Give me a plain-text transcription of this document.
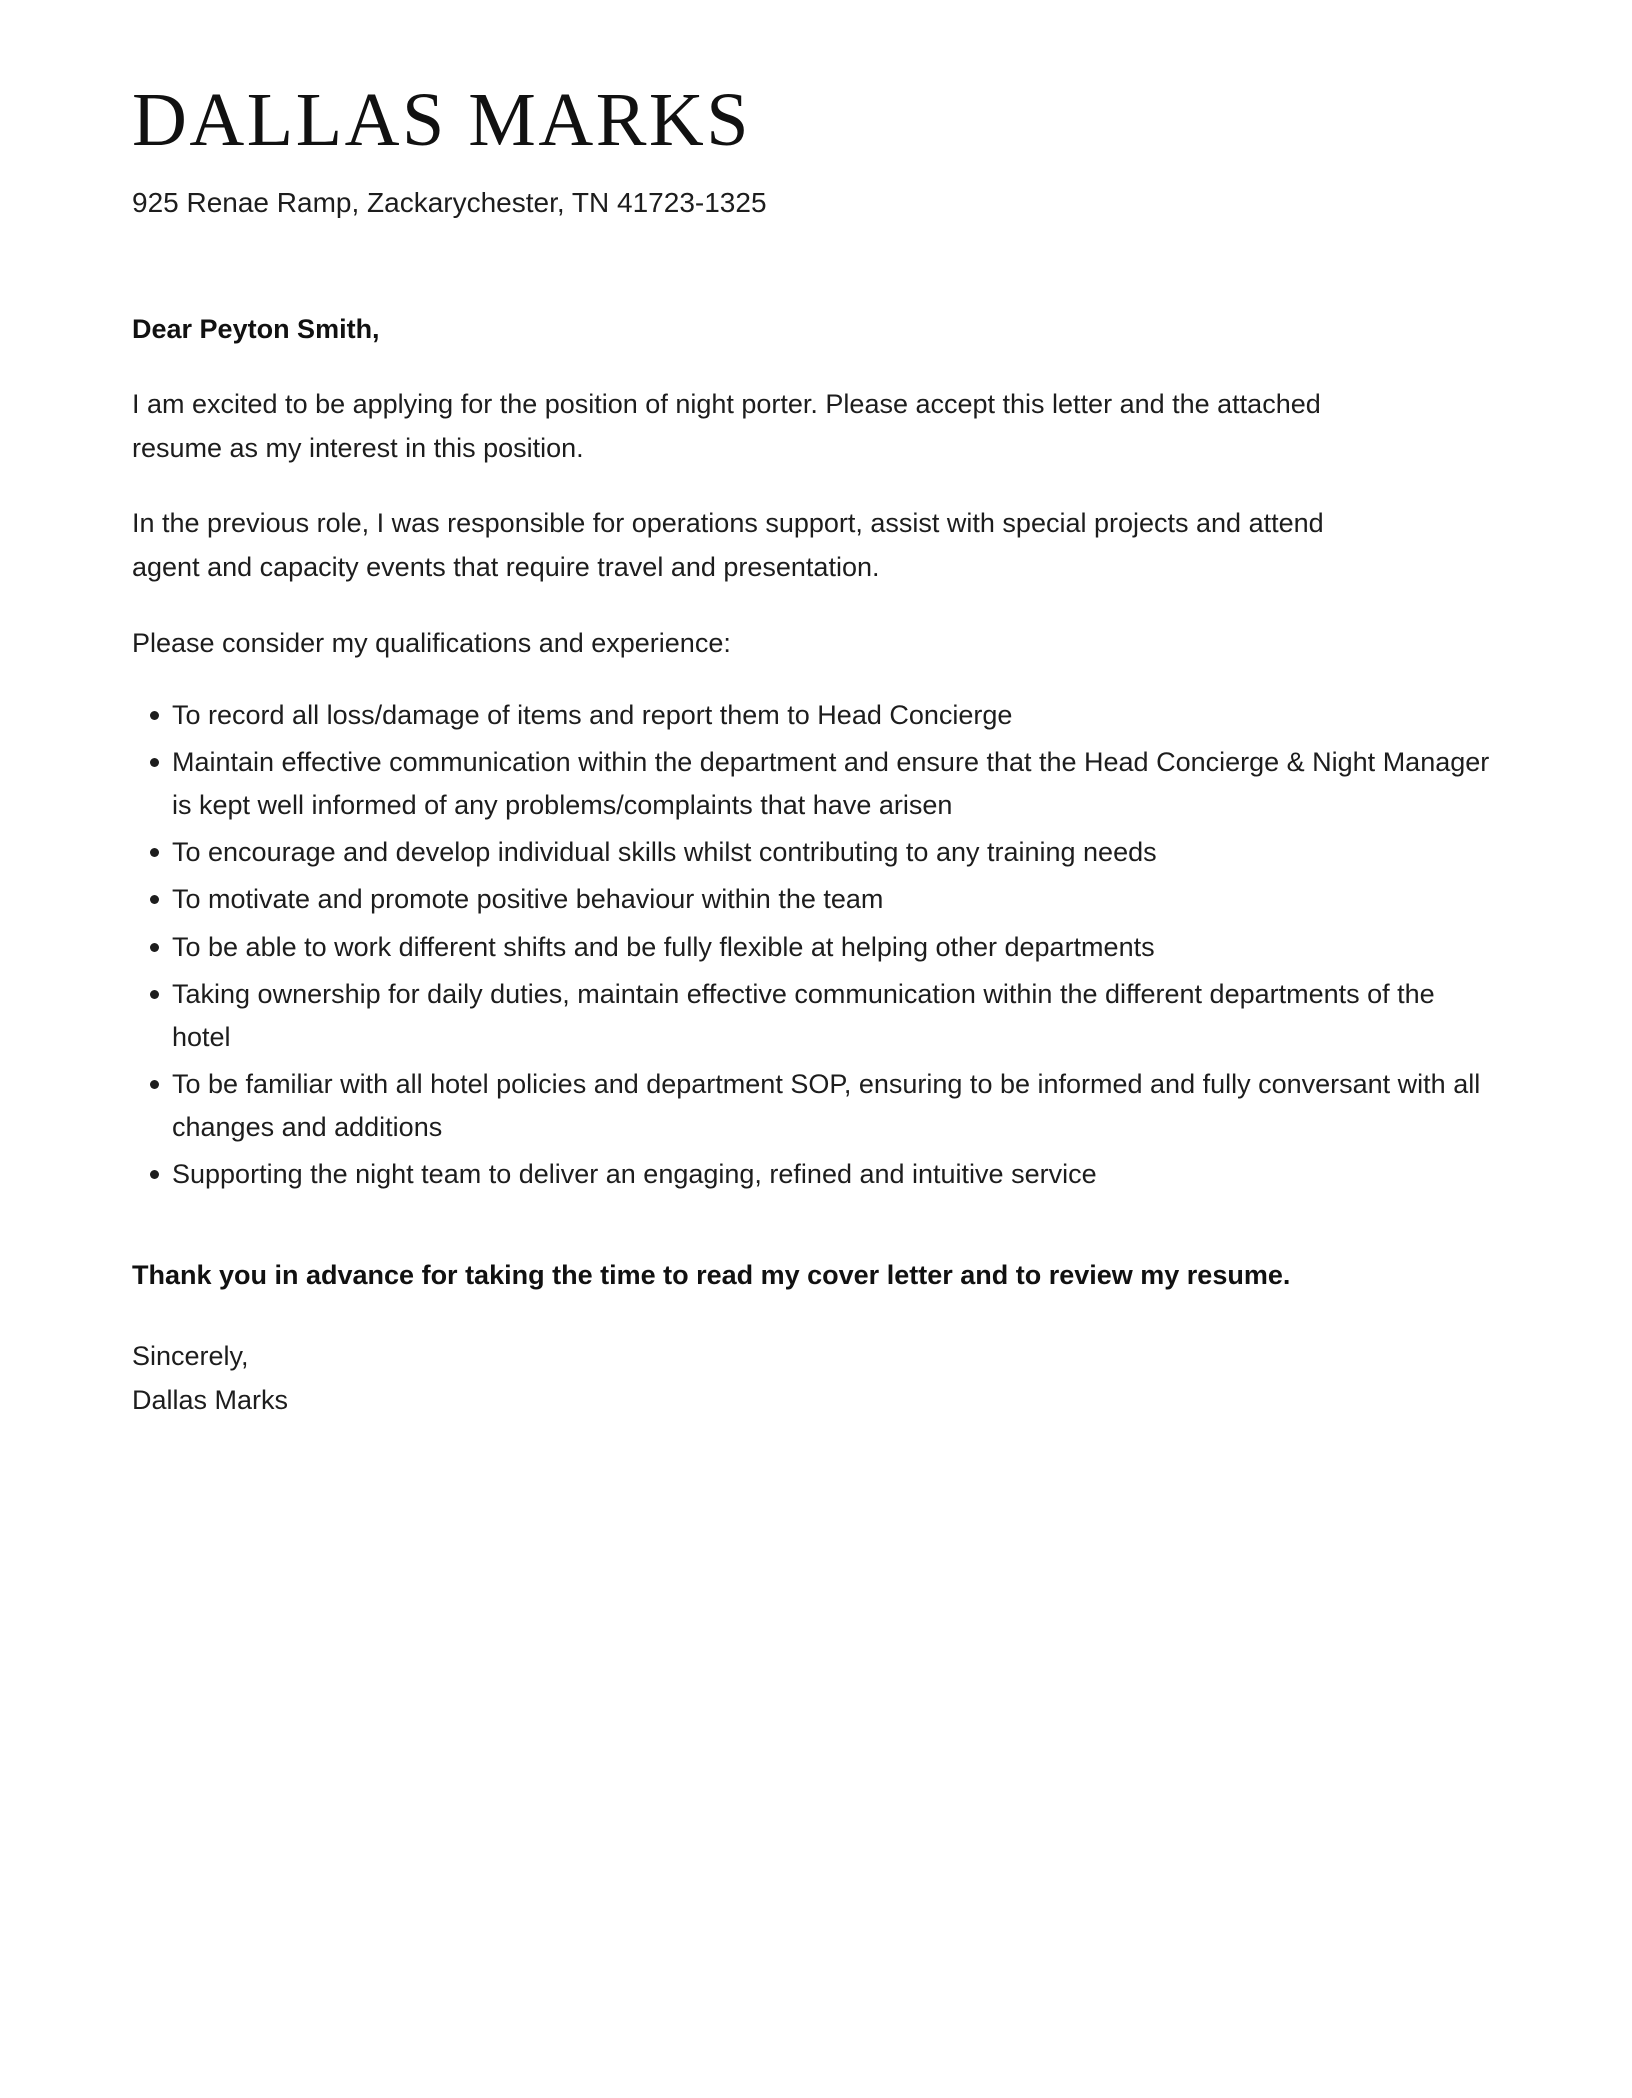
DALLAS MARKS
925 Renae Ramp, Zackarychester, TN 41723-1325

Dear Peyton Smith,

I am excited to be applying for the position of night porter. Please accept this letter and the attached resume as my interest in this position.

In the previous role, I was responsible for operations support, assist with special projects and attend agent and capacity events that require travel and presentation.

Please consider my qualifications and experience:

To record all loss/damage of items and report them to Head Concierge
Maintain effective communication within the department and ensure that the Head Concierge & Night Manager is kept well informed of any problems/complaints that have arisen
To encourage and develop individual skills whilst contributing to any training needs
To motivate and promote positive behaviour within the team
To be able to work different shifts and be fully flexible at helping other departments
Taking ownership for daily duties, maintain effective communication within the different departments of the hotel
To be familiar with all hotel policies and department SOP, ensuring to be informed and fully conversant with all changes and additions
Supporting the night team to deliver an engaging, refined and intuitive service

Thank you in advance for taking the time to read my cover letter and to review my resume.

Sincerely,
Dallas Marks
